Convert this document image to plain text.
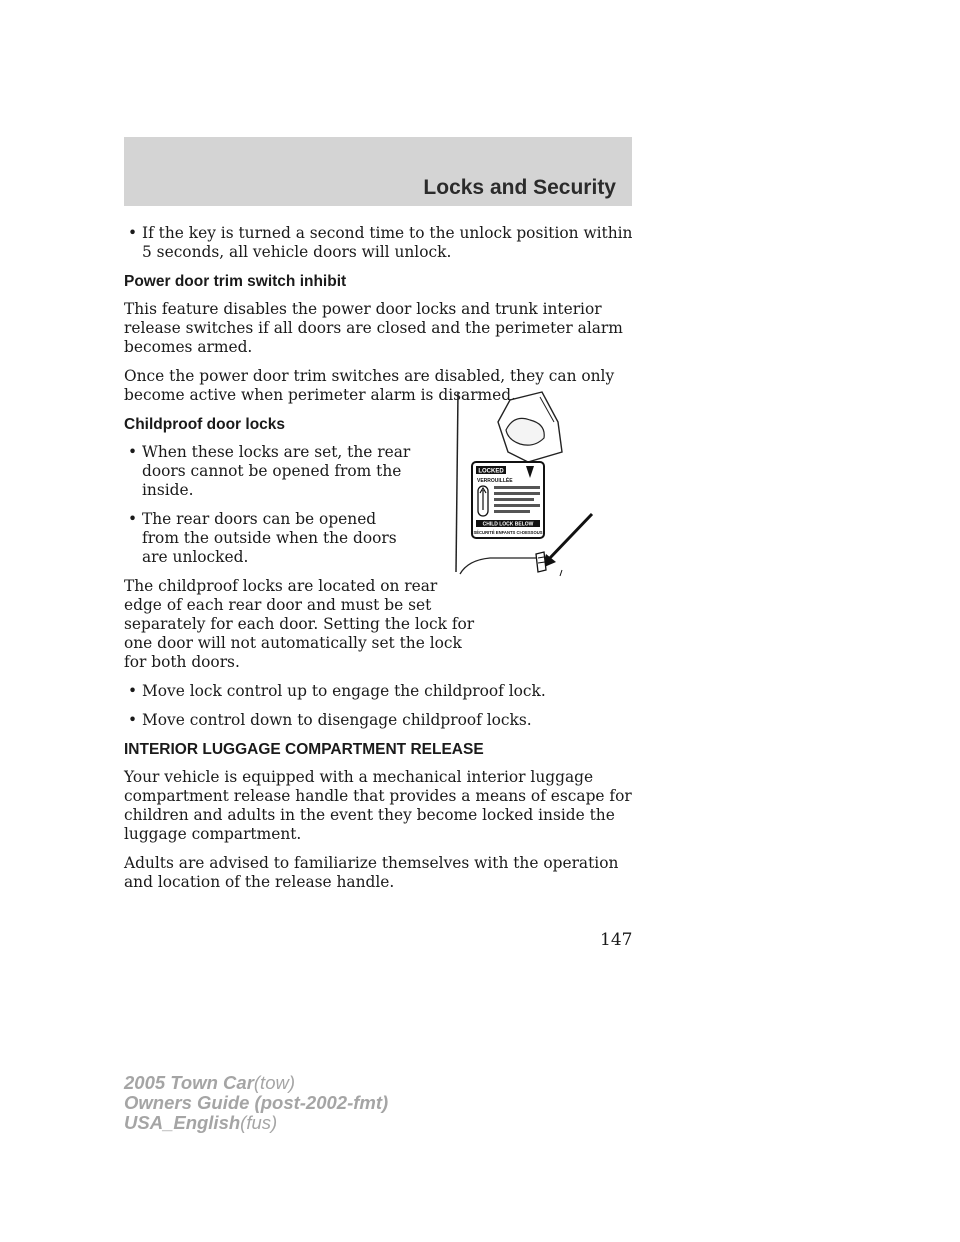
Locks and Security
• If the key is turned a second time to the unlock position within 5 seconds, all vehicle doors will unlock.
Power door trim switch inhibit

This feature disables the power door locks and trunk interior release switches if all doors are closed and the perimeter alarm becomes armed.

Once the power door trim switches are disabled, they can only become active when perimeter alarm is disarmed.

Childproof door locks
• When these locks are set, the rear doors cannot be opened from the inside.
• The rear doors can be opened from the outside when the doors are unlocked.

The childproof locks are located on rear edge of each rear door and must be set separately for each door. Setting the lock for one door will not automatically set the lock for both doors.

• Move lock control up to engage the childproof lock.
• Move control down to disengage childproof locks.
INTERIOR LUGGAGE COMPARTMENT RELEASE

Your vehicle is equipped with a mechanical interior luggage compartment release handle that provides a means of escape for children and adults in the event they become locked inside the luggage compartment.

Adults are advised to familiarize themselves with the operation and location of the release handle.

LOCKED
VERROUILLÉE
CHILD LOCK BELOW
SÉCURITÉ ENFANTS CI-DESSOUS
147
2005 Town Car(tow)
Owners Guide (post-2002-fmt)
USA_English(fus)
